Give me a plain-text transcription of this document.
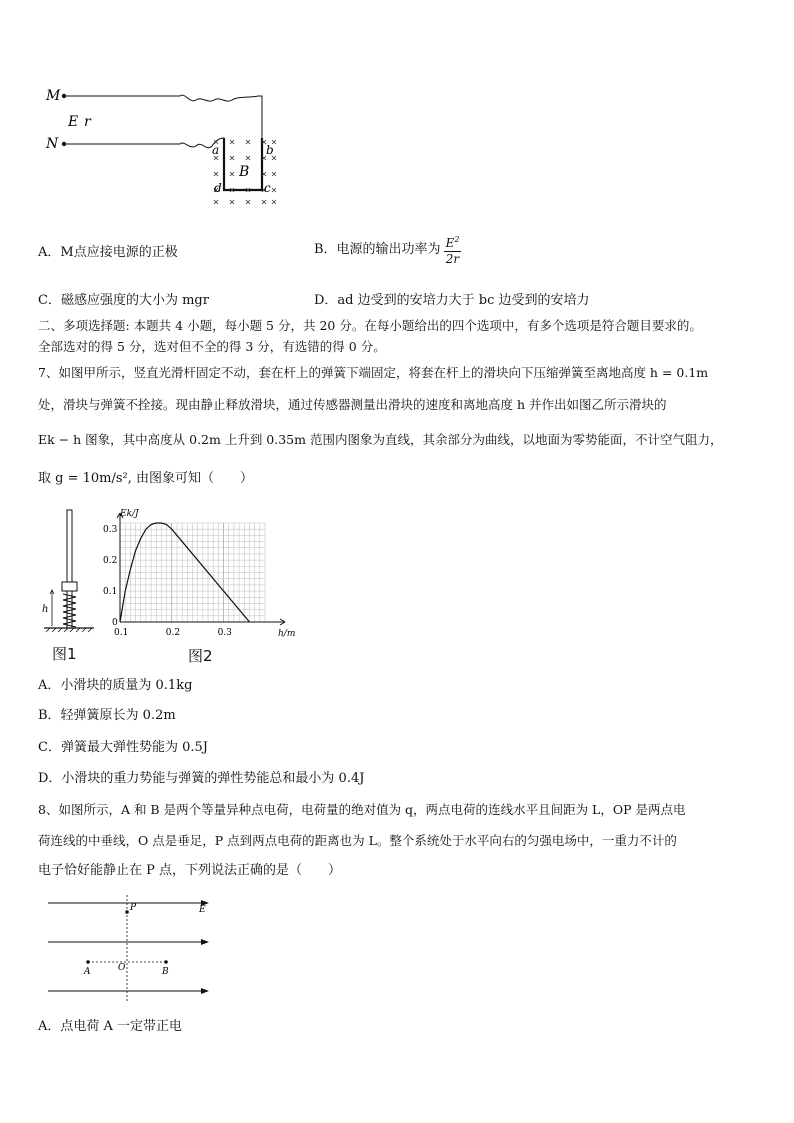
M
N
E r
a	b
d	c
B
A．M点应接电源的正极	B．电源的输出功率为 $\frac{E^2}{2r}$
C．磁感应强度的大小为 mgr	D．ad 边受到的安培力大于 bc 边受到的安培力
二、多项选择题: 本题共 4 小题，每小题 5 分，共 20 分。在每小题给出的四个选项中，有多个选项是符合题目要求的。
全部选对的得 5 分，选对但不全的得 3 分，有选错的得 0 分。
7、如图甲所示，竖直光滑杆固定不动，套在杆上的弹簧下端固定，将套在杆上的滑块向下压缩弹簧至离地高度 h = 0.1m
处，滑块与弹簧不拴接。现由静止释放滑块，通过传感器测量出滑块的速度和离地高度 h 并作出如图乙所示滑块的
Ek − h 图象，其中高度从 0.2m 上升到 0.35m 范围内图象为直线，其余部分为曲线，以地面为零势能面，不计空气阻力，
取 g = 10m/s², 由图象可知（　　）
h
图1
0.1	0.2	0.3
0
0.1
0.2
0.3
Ek/J
h/m
图2
A．小滑块的质量为 0.1kg
B．轻弹簧原长为 0.2m
C．弹簧最大弹性势能为 0.5J
D．小滑块的重力势能与弹簧的弹性势能总和最小为 0.4J
8、如图所示，A 和 B 是两个等量异种点电荷，电荷量的绝对值为 q，两点电荷的连线水平且间距为 L，OP 是两点电
荷连线的中垂线，O 点是垂足，P 点到两点电荷的距离也为 L。整个系统处于水平向右的匀强电场中，一重力不计的
电子恰好能静止在 P 点，下列说法正确的是（　　）
P	E
A	O	B
A．点电荷 A 一定带正电
